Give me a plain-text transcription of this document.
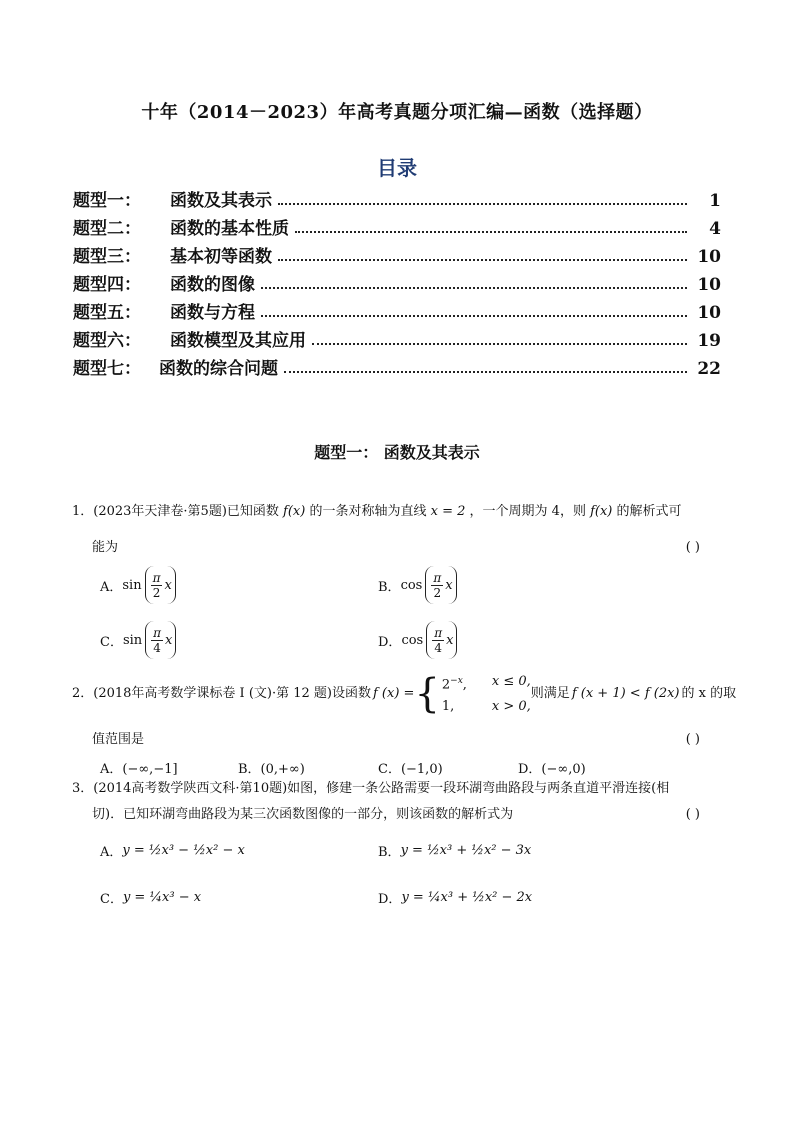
十年（2014－2023）年高考真题分项汇编—函数（选择题）
目录
题型一：	函数及其表示	1
题型二：	函数的基本性质	4
题型三：	基本初等函数	10
题型四：	函数的图像	10
题型五：	函数与方程	10
题型六：	函数模型及其应用	19
题型七：	函数的综合问题	22
题型一： 函数及其表示
1．(2023年天津卷·第5题)已知函数 f(x) 的一条对称轴为直线 x = 2 ，一个周期为 4，则 f(x) 的解析式可
能为	( )
A． $\sin \frac{\pi}{2}$ x	B． $\cos \frac{\pi}{2}$ x
C． $\sin \frac{\pi}{4}$ x	D． $\cos \frac{\pi}{4}$ x
2．(2018年高考数学课标卷 I (文)·第 12 题)设函数 f (x) = { $2^{-x}$,	x ≤ 0,
1,	x > 0,
则满足 f (x + 1) < f (2x) 的 x 的取
值范围是	( )
A．(−∞,−1]	B．(0,+∞)	C．(−1,0)	D．(−∞,0)
3．(2014高考数学陕西文科·第10题)如图，修建一条公路需要一段环湖弯曲路段与两条直道平滑连接(相
切)．已知环湖弯曲路段为某三次函数图像的一部分，则该函数的解析式为	( )
A． y = ½x³ − ½x² − x	B． y = ½x³ + ½x² − 3x
C． y = ¼x³ − x	D． y = ¼x³ + ½x² − 2x
